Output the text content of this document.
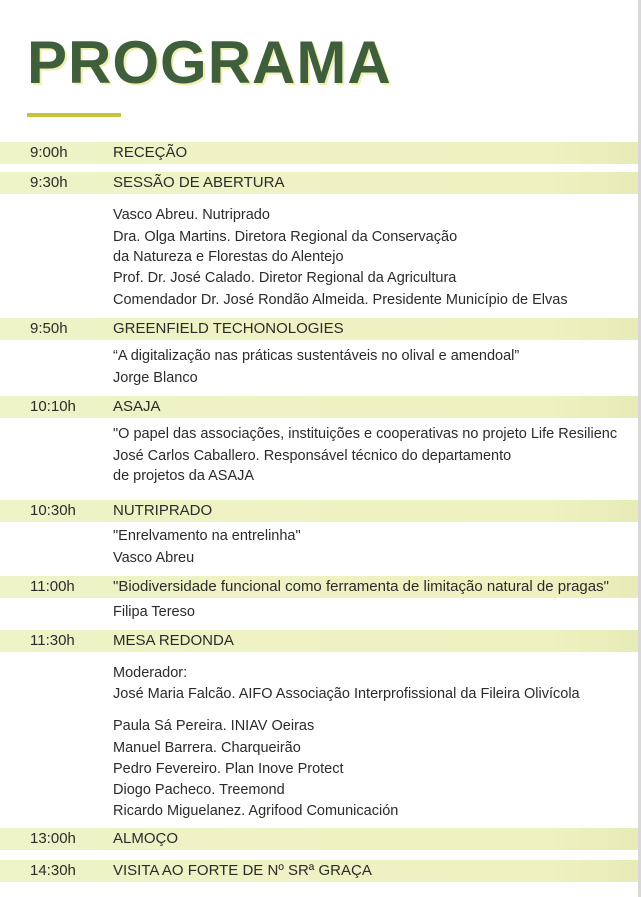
PROGRAMA
9:00h	RECEÇÃO
9:30h	SESSÃO DE ABERTURA
Vasco Abreu. Nutriprado
Dra. Olga Martins. Diretora Regional da Conservação
da Natureza e Florestas do Alentejo
Prof. Dr. José Calado. Diretor Regional da Agricultura
Comendador Dr. José Rondão Almeida. Presidente Município de Elvas
9:50h	GREENFIELD TECHONOLOGIES
“A digitalização nas práticas sustentáveis no olival e amendoal”
Jorge Blanco
10:10h ASAJA
"O papel das associações, instituições e cooperativas no projeto Life Resilienc
José Carlos Caballero. Responsável técnico do departamento
de projetos da ASAJA
10:30h NUTRIPRADO
"Enrelvamento na entrelinha"
Vasco Abreu
11:00h	"Biodiversidade funcional como ferramenta de limitação natural de pragas"
Filipa Tereso
11:30h	MESA REDONDA
Moderador:
José Maria Falcão. AIFO Associação Interprofissional da Fileira Olivícola
Paula Sá Pereira. INIAV Oeiras
Manuel Barrera. Charqueirão
Pedro Fevereiro. Plan Inove Protect
Diogo Pacheco. Treemond
Ricardo Miguelanez. Agrifood Comunicación
13:00h ALMOÇO
14:30h VISITA AO FORTE DE Nº SRª GRAÇA
